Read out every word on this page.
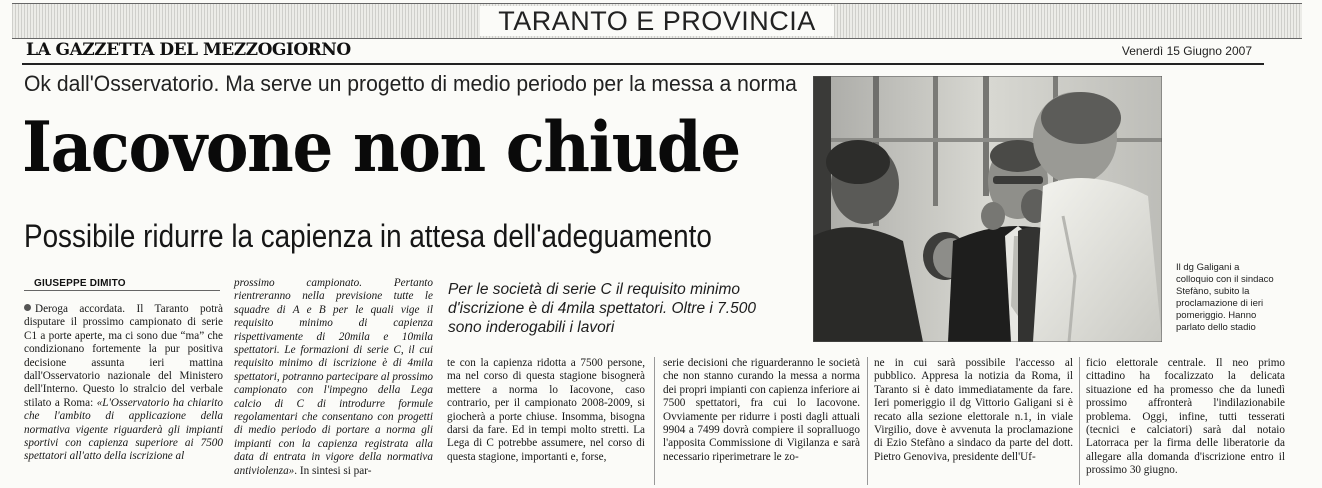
TARANTO E PROVINCIA
LA GAZZETTA DEL MEZZOGIORNO	Venerdì 15 Giugno 2007
Ok dall'Osservatorio. Ma serve un progetto di medio periodo per la messa a norma
Iacovone non chiude
Possibile ridurre la capienza in attesa dell'adeguamento
Il dg Galigani a colloquio con il sindaco Stefàno, subito la proclamazione di ieri pomeriggio. Hanno parlato dello stadio
GIUSEPPE DIMITO

Deroga accordata. Il Taranto potrà disputare il prossimo campionato di serie C1 a porte aperte, ma ci sono due “ma” che condizionano fortemente la pur positiva decisione assunta ieri mattina dall'Osservatorio nazionale del Ministero dell'Interno. Questo lo stralcio del verbale stilato a Roma: «L'Osservatorio ha chiarito che l'ambito di applicazione della normativa vigente riguarderà gli impianti sportivi con capienza superiore ai 7500 spettatori all'atto della iscrizione al

prossimo campionato. Pertanto rientreranno nella previsione tutte le squadre di A e B per le quali vige il requisito minimo di capienza rispettivamente di 20mila e 10mila spettatori. Le formazioni di serie C, il cui requisito minimo di iscrizione è di 4mila spettatori, potranno partecipare al prossimo campionato con l'impegno della Lega calcio di C di introdurre formule regolamentari che consentano con progetti di medio periodo di portare a norma gli impianti con la capienza registrata alla data di entrata in vigore della normativa antiviolenza». In sintesi si par-

Per le società di serie C il requisito minimo d'iscrizione è di 4mila spettatori. Oltre i 7.500 sono inderogabili i lavori

te con la capienza ridotta a 7500 persone, ma nel corso di questa stagione bisognerà mettere a norma lo Iacovone, caso contrario, per il campionato 2008-2009, si giocherà a porte chiuse. Insomma, bisogna darsi da fare. Ed in tempi molto stretti. La Lega di C potrebbe assumere, nel corso di questa stagione, importanti e, forse,

serie decisioni che riguarderanno le società che non stanno curando la messa a norma dei propri impianti con capienza inferiore ai 7500 spettatori, fra cui lo Iacovone. Ovviamente per ridurre i posti dagli attuali 9904 a 7499 dovrà compiere il sopralluogo l'apposita Commissione di Vigilanza e sarà necessario riperimetrare le zo-

ne in cui sarà possibile l'accesso al pubblico. Appresa la notizia da Roma, il Taranto si è dato immediatamente da fare. Ieri pomeriggio il dg Vittorio Galigani si è recato alla sezione elettorale n.1, in viale Virgilio, dove è avvenuta la proclamazione di Ezio Stefàno a sindaco da parte del dott. Pietro Genoviva, presidente dell'Uf-

ficio elettorale centrale. Il neo primo cittadino ha focalizzato la delicata situazione ed ha promesso che da lunedì prossimo affronterà l'indilazionabile problema. Oggi, infine, tutti tesserati (tecnici e calciatori) sarà dal notaio Latorraca per la firma delle liberatorie da allegare alla domanda d'iscrizione entro il prossimo 30 giugno.
